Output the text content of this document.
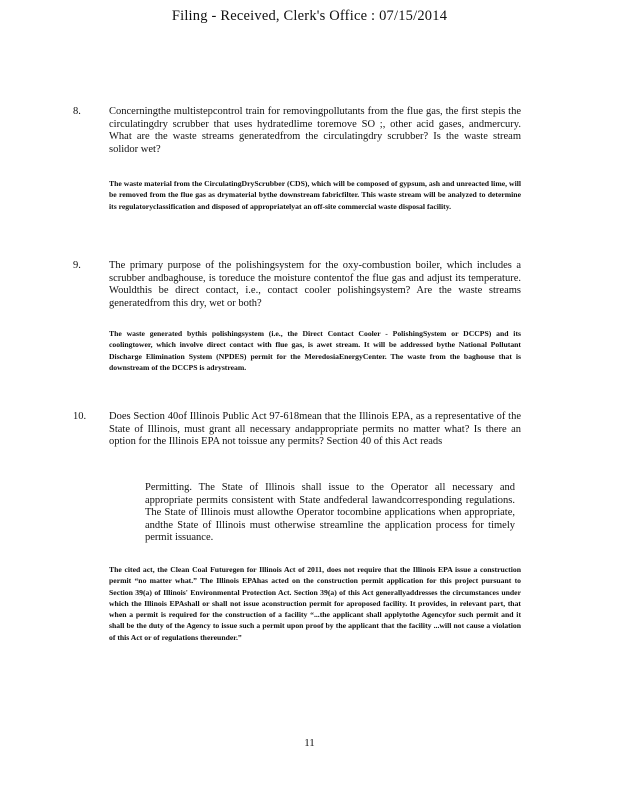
Filing - Received, Clerk's Office : 07/15/2014
8.	Concerningthe multistepcontrol train for removingpollutants from the flue gas, the first stepis the circulatingdry scrubber that uses hydratedlime toremove SO ;, other acid gases, andmercury. What are the waste streams generatedfrom the circulatingdry scrubber? Is the waste stream solidor wet?
The waste material from the CirculatingDryScrubber (CDS), which will be composed of gypsum, ash and unreacted lime, will be removed from the flue gas as drymaterial bythe downstream fabricfilter. This waste stream will be analyzed to determine its regulatoryclassification and disposed of appropriatelyat an off-site commercial waste disposal facility.
9.	The primary purpose of the polishingsystem for the oxy-combustion boiler, which includes a scrubber andbaghouse, is toreduce the moisture contentof the flue gas and adjust its temperature. Wouldthis be direct contact, i.e., contact cooler polishingsystem? Are the waste streams generatedfrom this dry, wet or both?
The waste generated bythis polishingsystem (i.e., the Direct Contact Cooler - PolishingSystem or DCCPS) and its coolingtower, which involve direct contact with flue gas, is awet stream. It will be addressed bythe National Pollutant Discharge Elimination System (NPDES) permit for the MeredosiaEnergyCenter. The waste from the baghouse that is downstream of the DCCPS is adrystream.
10. Does Section 40of Illinois Public Act 97-618mean that the Illinois EPA, as a representative of the State of Illinois, must grant all necessary andappropriate permits no matter what? Is there an option for the Illinois EPA not toissue any permits? Section 40 of this Act reads
Permitting. The State of Illinois shall issue to the Operator all necessary and appropriate permits consistent with State andfederal lawandcorresponding regulations. The State of Illinois must allowthe Operator tocombine applications when appropriate, andthe State of Illinois must otherwise streamline the application process for timely permit issuance.
The cited act, the Clean Coal Futuregen for Illinois Act of 2011, does not require that the Illinois EPA issue a construction permit “no matter what.” The Illinois EPAhas acted on the construction permit application for this project pursuant to Section 39(a) of Illinois' Environmental Protection Act. Section 39(a) of this Act generallyaddresses the circumstances under which the Illinois EPAshall or shall not issue aconstruction permit for aproposed facility. It provides, in relevant part, that when a permit is required for the construction of a facility “...the applicant shall applytothe Agencyfor such permit and it shall be the duty of the Agency to issue such a permit upon proof by the applicant that the facility ...will not cause a violation of this Act or of regulations thereunder.”
11
